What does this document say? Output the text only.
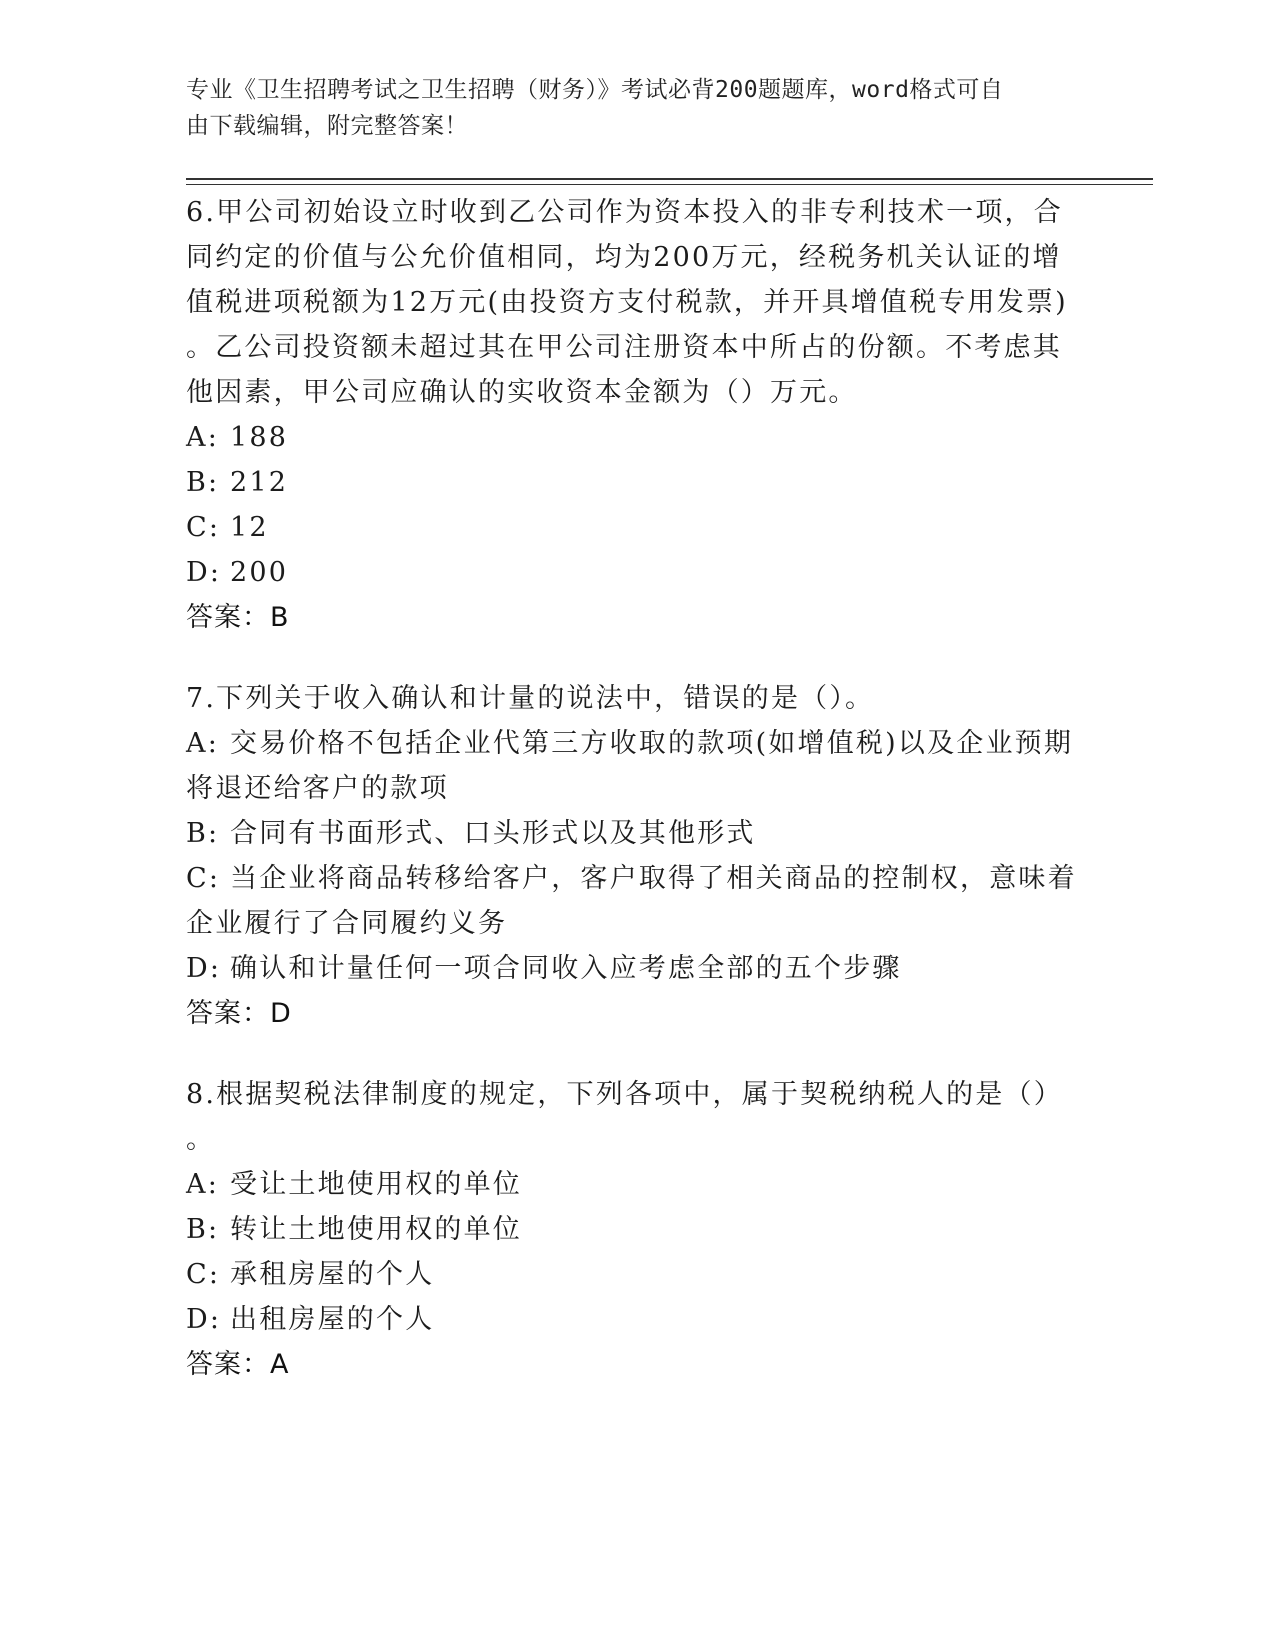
专业《卫生招聘考试之卫生招聘（财务）》考试必背200题题库，word格式可自
由下载编辑，附完整答案！
6.甲公司初始设立时收到乙公司作为资本投入的非专利技术一项，合
同约定的价值与公允价值相同，均为200万元，经税务机关认证的增
值税进项税额为12万元(由投资方支付税款，并开具增值税专用发票)
。乙公司投资额未超过其在甲公司注册资本中所占的份额。不考虑其
他因素，甲公司应确认的实收资本金额为（）万元。
A: 188
B: 212
C: 12
D: 200
答案：B
7.下列关于收入确认和计量的说法中，错误的是（）。
A: 交易价格不包括企业代第三方收取的款项(如增值税)以及企业预期
将退还给客户的款项
B: 合同有书面形式、口头形式以及其他形式
C: 当企业将商品转移给客户，客户取得了相关商品的控制权，意味着
企业履行了合同履约义务
D: 确认和计量任何一项合同收入应考虑全部的五个步骤
答案：D
8.根据契税法律制度的规定，下列各项中，属于契税纳税人的是（）
。
A: 受让土地使用权的单位
B: 转让土地使用权的单位
C: 承租房屋的个人
D: 出租房屋的个人
答案：A
